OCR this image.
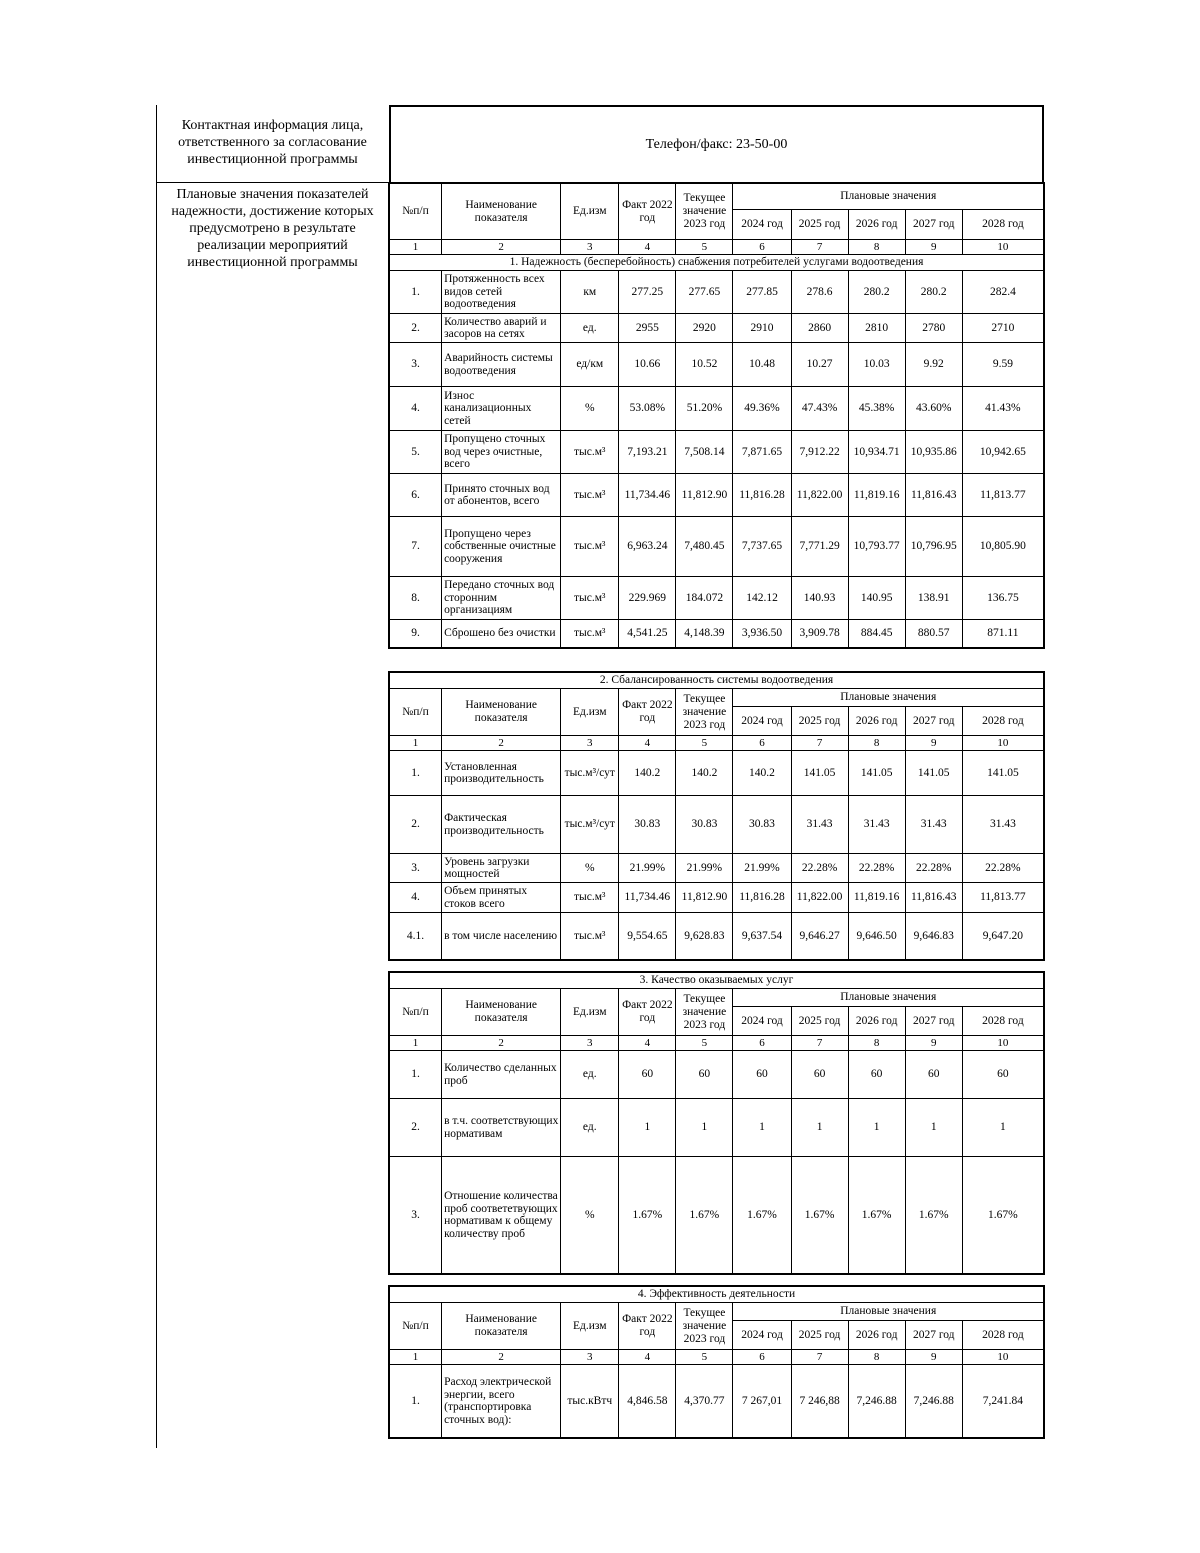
Контактная информация лица, ответственного за согласование инвестиционной программы
Плановые значения показателей надежности, достижение которых предусмотрено в результате реализации мероприятий инвестиционной программы
Телефон/факс: 23-50-00
№п/п	Наименование показателя	Ед.изм	Факт 2022 год	Текущее значение 2023 год	Плановые значения				
					2024 год	2025 год	2026 год	2027 год	2028 год
1	2	3	4	5	6	7	8	9	10
1. Надежность (бесперебойность) снабжения потребителей услугами водоотведения									
1.	Протяженность всех видов сетей водоотведения	км	277.25	277.65	277.85	278.6	280.2	280.2	282.4
2.	Количество аварий и засоров на сетях	ед.	2955	2920	2910	2860	2810	2780	2710
3.	Аварийность системы водоотведения	ед/км	10.66	10.52	10.48	10.27	10.03	9.92	9.59
4.	Износ канализационных сетей	%	53.08%	51.20%	49.36%	47.43%	45.38%	43.60%	41.43%
5.	Пропущено сточных вод через очистные, всего	тыс.м³	7,193.21	7,508.14	7,871.65	7,912.22	10,934.71	10,935.86	10,942.65
6.	Принято сточных вод от абонентов, всего	тыс.м³	11,734.46	11,812.90	11,816.28	11,822.00	11,819.16	11,816.43	11,813.77
7.	Пропущено через собственные очистные сооружения	тыс.м³	6,963.24	7,480.45	7,737.65	7,771.29	10,793.77	10,796.95	10,805.90
8.	Передано сточных вод сторонним организациям	тыс.м³	229.969	184.072	142.12	140.93	140.95	138.91	136.75
9.	Сброшено без очистки	тыс.м³	4,541.25	4,148.39	3,936.50	3,909.78	884.45	880.57	871.11
2. Сбалансированность системы водоотведения									
№п/п	Наименование показателя	Ед.изм	Факт 2022 год	Текущее значение 2023 год	Плановые значения				
					2024 год	2025 год	2026 год	2027 год	2028 год
1	2	3	4	5	6	7	8	9	10
1.	Установленная производительность	тыс.м³/сут	140.2	140.2	140.2	141.05	141.05	141.05	141.05
2.	Фактическая производительность	тыс.м³/сут	30.83	30.83	30.83	31.43	31.43	31.43	31.43
3.	Уровень загрузки мощностей	%	21.99%	21.99%	21.99%	22.28%	22.28%	22.28%	22.28%
4.	Объем принятых стоков всего	тыс.м³	11,734.46	11,812.90	11,816.28	11,822.00	11,819.16	11,816.43	11,813.77
4.1.	в том числе населению	тыс.м³	9,554.65	9,628.83	9,637.54	9,646.27	9,646.50	9,646.83	9,647.20
3. Качество оказываемых услуг									
№п/п	Наименование показателя	Ед.изм	Факт 2022 год	Текущее значение 2023 год	Плановые значения				
					2024 год	2025 год	2026 год	2027 год	2028 год
1	2	3	4	5	6	7	8	9	10
1.	Количество сделанных проб	ед.	60	60	60	60	60	60	60
2.	в т.ч. соответствующих нормативам	ед.	1	1	1	1	1	1	1
3.	Отношение количества проб соответетвующих нормативам к общему количеству проб	%	1.67%	1.67%	1.67%	1.67%	1.67%	1.67%	1.67%
4. Эффективность деятельности									
№п/п	Наименование показателя	Ед.изм	Факт 2022 год	Текущее значение 2023 год	Плановые значения				
					2024 год	2025 год	2026 год	2027 год	2028 год
1	2	3	4	5	6	7	8	9	10
1.	Расход электрической энергии, всего (транспортировка сточных вод):	тыс.кВтч	4,846.58	4,370.77	7 267,01	7 246,88	7,246.88	7,246.88	7,241.84
